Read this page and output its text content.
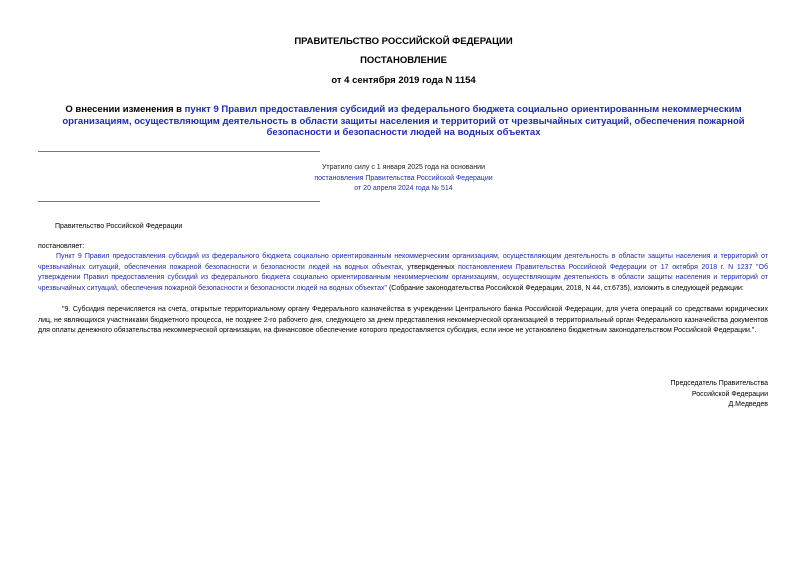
ПРАВИТЕЛЬСТВО РОССИЙСКОЙ ФЕДЕРАЦИИ
ПОСТАНОВЛЕНИЕ
от 4 сентября 2019 года N 1154
О внесении изменения в пункт 9 Правил предоставления субсидий из федерального бюджета социально ориентированным некоммерческим организациям, осуществляющим деятельность в области защиты населения и территорий от чрезвычайных ситуаций, обеспечения пожарной безопасности и безопасности людей на водных объектах
Утратило силу с 1 января 2025 года на основании
постановления Правительства Российской Федерации
от 20 апреля 2024 года № 514
Правительство Российской Федерации
постановляет:
Пункт 9 Правил предоставления субсидий из федерального бюджета социально ориентированным некоммерческим организациям, осуществляющим деятельность в области защиты населения и территорий от чрезвычайных ситуаций, обеспечения пожарной безопасности и безопасности людей на водных объектах, утвержденных постановлением Правительства Российской Федерации от 17 октября 2018 г. N 1237 "Об утверждении Правил предоставления субсидий из федерального бюджета социально ориентированным некоммерческим организациям, осуществляющим деятельность в области защиты населения и территорий от чрезвычайных ситуаций, обеспечения пожарной безопасности и безопасности людей на водных объектах" (Собрание законодательства Российской Федерации, 2018, N 44, ст.6735), изложить в следующей редакции:
"9. Субсидия перечисляется на счета, открытые территориальному органу Федерального казначейства в учреждении Центрального банка Российской Федерации, для учета операций со средствами юридических лиц, не являющихся участниками бюджетного процесса, не позднее 2-го рабочего дня, следующего за днем представления некоммерческой организацией в территориальный орган Федерального казначейства документов для оплаты денежного обязательства некоммерческой организации, на финансовое обеспечение которого предоставляется субсидия, если иное не установлено бюджетным законодательством Российской Федерации.".
Председатель Правительства
Российской Федерации
Д.Медведев
